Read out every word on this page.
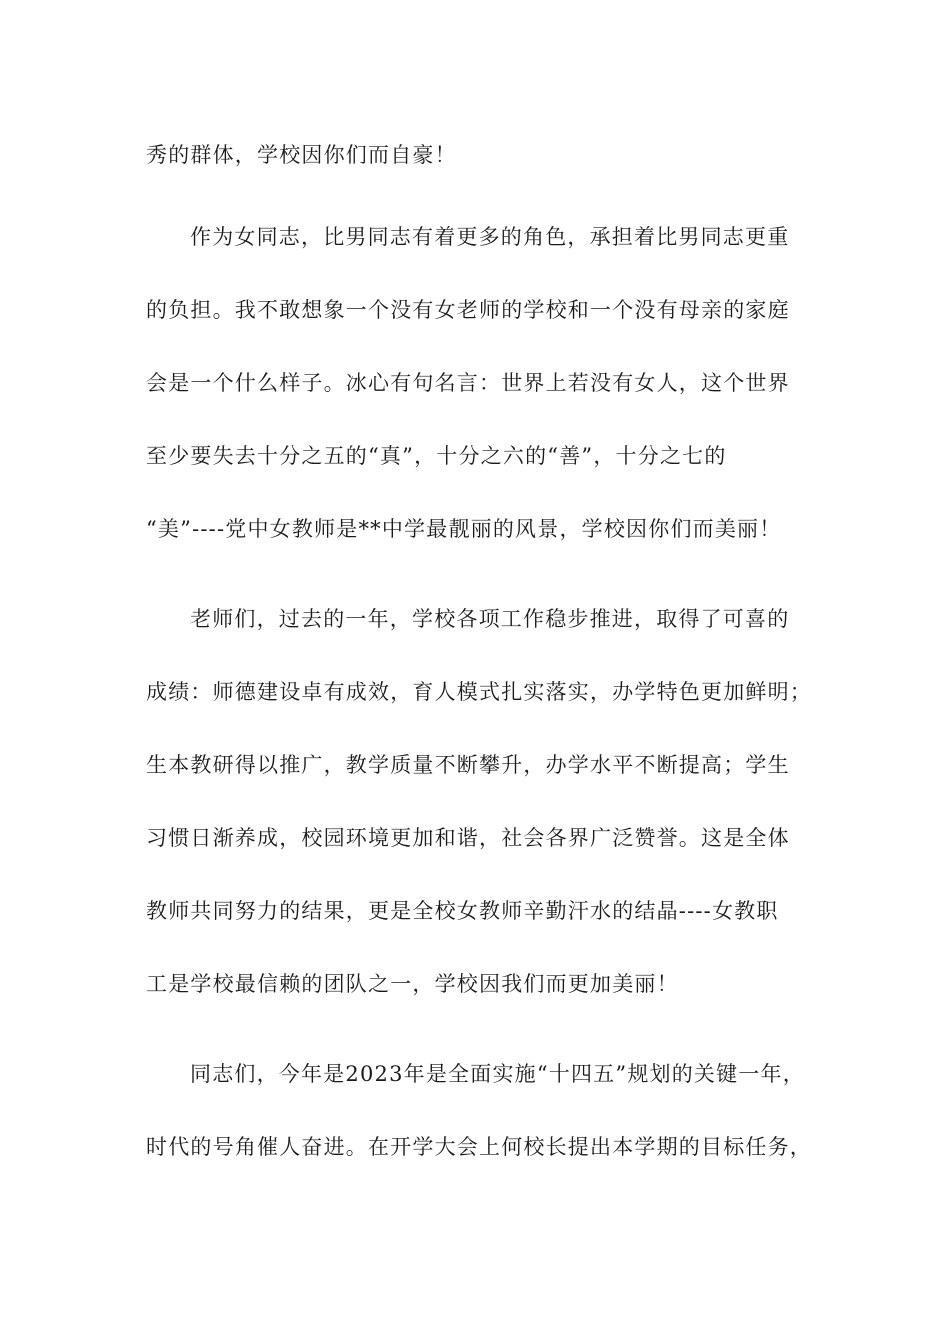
秀的群体，学校因你们而自豪！
作为女同志，比男同志有着更多的角色，承担着比男同志更重
的负担。我不敢想象一个没有女老师的学校和一个没有母亲的家庭
会是一个什么样子。冰心有句名言：世界上若没有女人，这个世界
至少要失去十分之五的“真”，十分之六的“善”，十分之七的
“美”----党中女教师是**中学最靓丽的风景，学校因你们而美丽！
老师们，过去的一年，学校各项工作稳步推进，取得了可喜的
成绩：师德建设卓有成效，育人模式扎实落实，办学特色更加鲜明；
生本教研得以推广，教学质量不断攀升，办学水平不断提高；学生
习惯日渐养成，校园环境更加和谐，社会各界广泛赞誉。这是全体
教师共同努力的结果，更是全校女教师辛勤汗水的结晶----女教职
工是学校最信赖的团队之一，学校因我们而更加美丽！
同志们，今年是2023年是全面实施“十四五”规划的关键一年，
时代的号角催人奋进。在开学大会上何校长提出本学期的目标任务，
